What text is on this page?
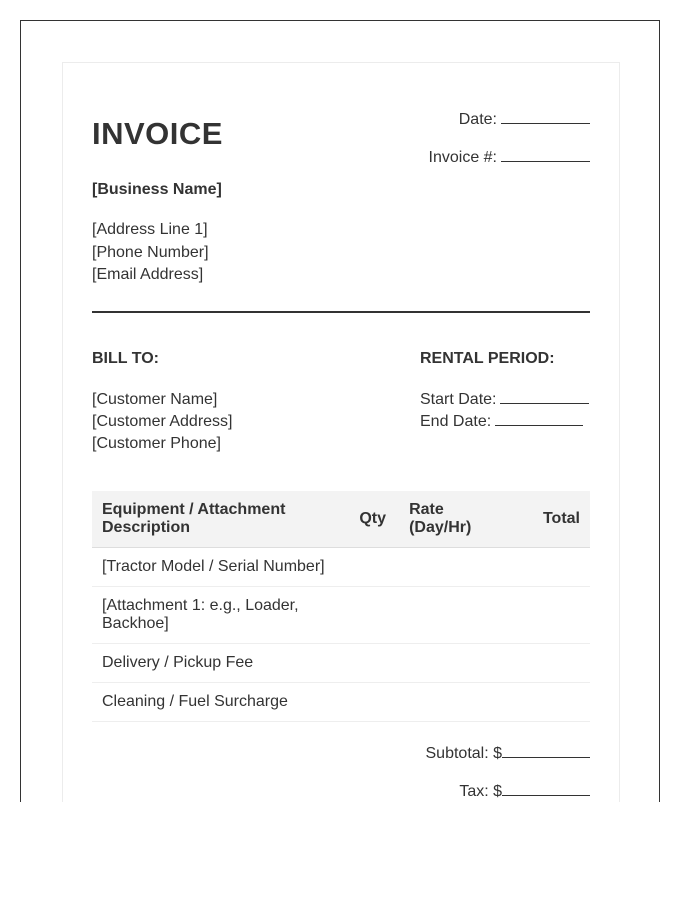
INVOICE	Date:
Invoice #:
[Business Name]
[Address Line 1]
[Phone Number]
[Email Address]
BILL TO:	RENTAL PERIOD:
[Customer Name]
[Customer Address]
[Customer Phone]
Start Date:
End Date:
Equipment / Attachment Description	Qty	Rate (Day/Hr)	Total
[Tractor Model / Serial Number]			
[Attachment 1: e.g., Loader, Backhoe]			
Delivery / Pickup Fee			
Cleaning / Fuel Surcharge			
Subtotal: $
Tax: $
